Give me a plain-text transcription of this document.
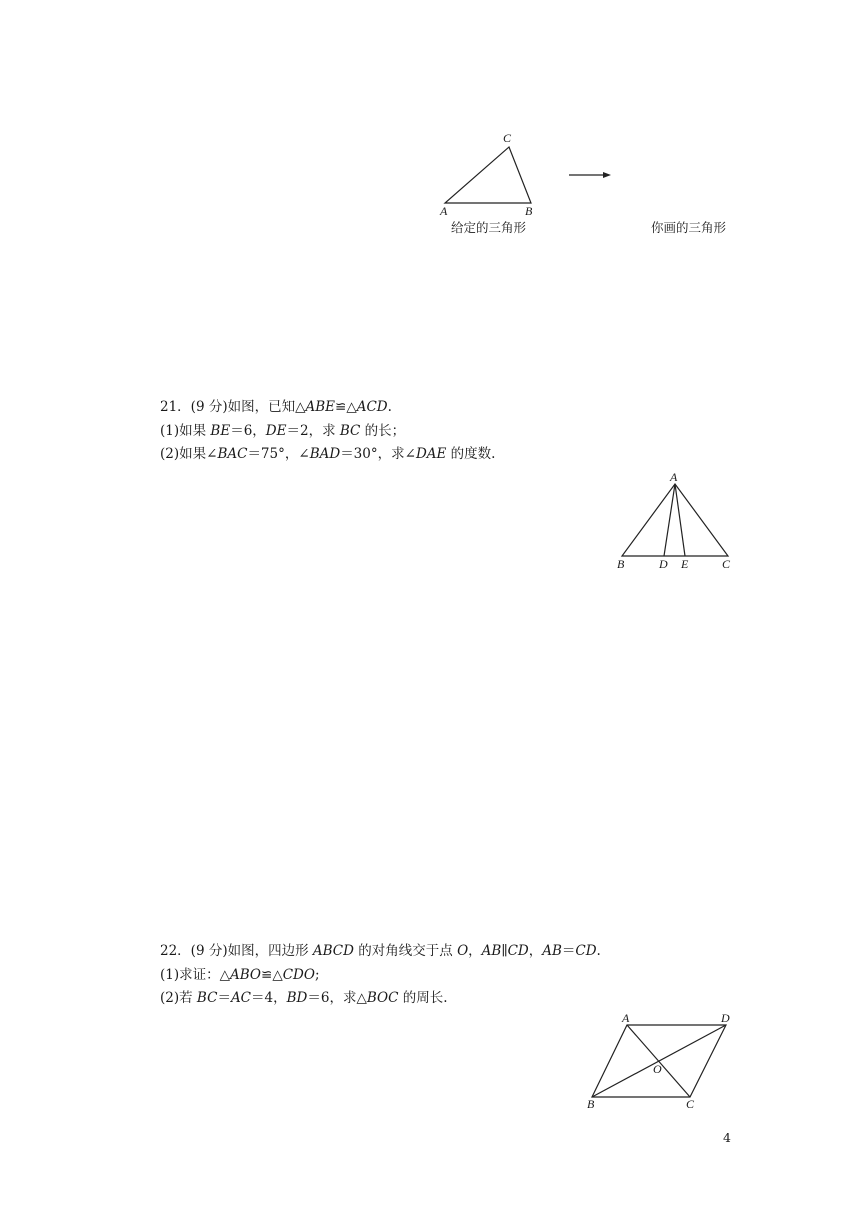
C
A	B
给定的三角形	你画的三角形
21．(9 分)如图，已知△ABE≌△ACD.
(1)如果 BE＝6，DE＝2，求 BC 的长；
(2)如果∠BAC＝75°，∠BAD＝30°，求∠DAE 的度数.
A
B	D E	C
22．(9 分)如图，四边形 ABCD 的对角线交于点 O，AB∥CD，AB＝CD.
(1)求证：△ABO≌△CDO;
(2)若 BC＝AC＝4，BD＝6，求△BOC 的周长.
A	D
O
B	C
4
